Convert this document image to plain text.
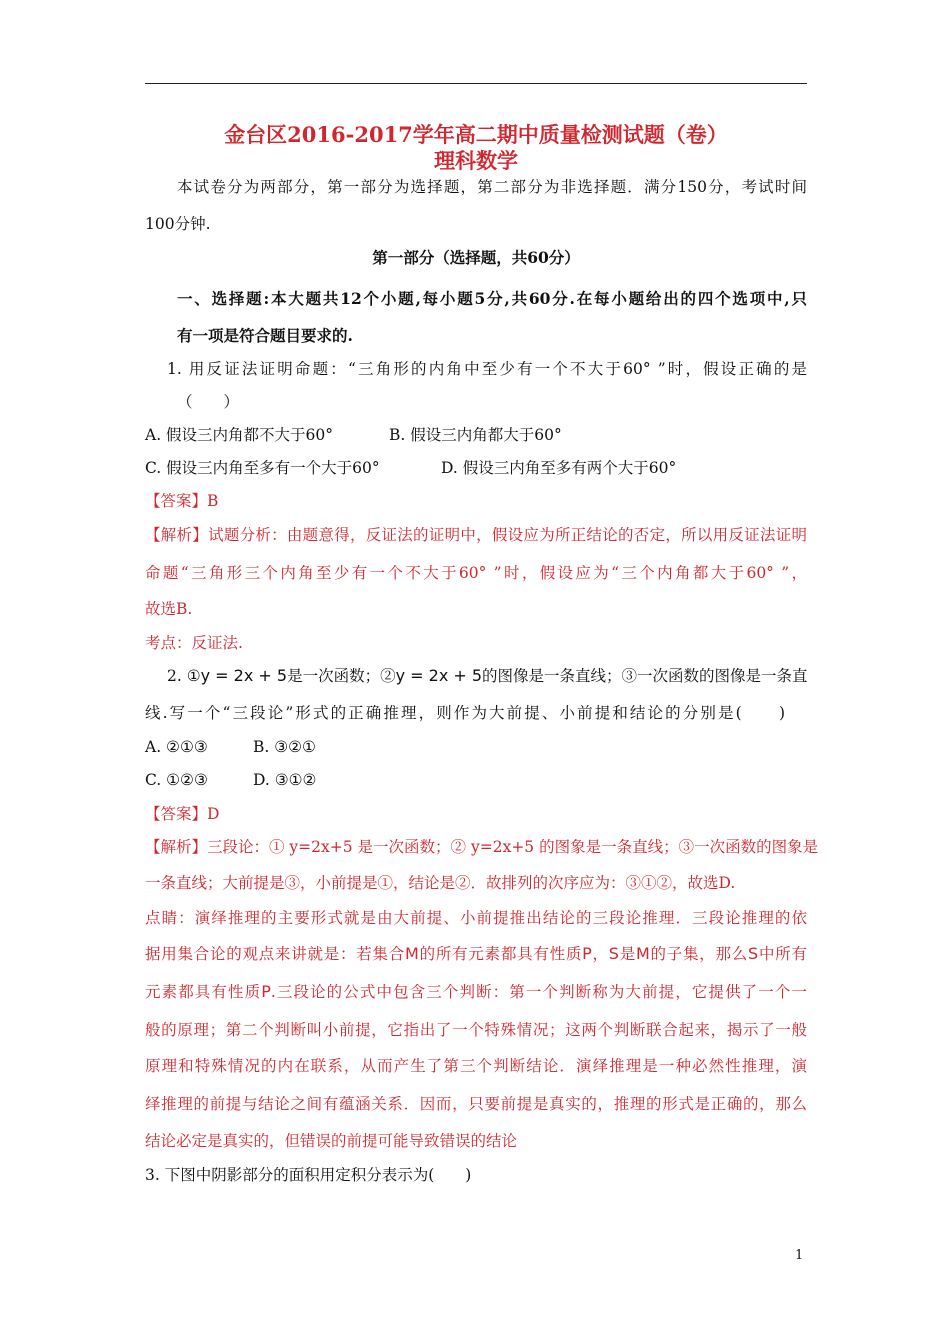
金台区2016-2017学年高二期中质量检测试题（卷）
理科数学
本试卷分为两部分，第一部分为选择题，第二部分为非选择题．满分150分，考试时间
100分钟.
第一部分（选择题，共60分）
一、选择题:本大题共12个小题,每小题5分,共60分.在每小题给出的四个选项中,只
有一项是符合题目要求的.
1. 用反证法证明命题：“三角形的内角中至少有一个不大于60° ”时，假设正确的是
（　　）
A. 假设三内角都不大于60°	B. 假设三内角都大于60°
C. 假设三内角至多有一个大于60°	D. 假设三内角至多有两个大于60°
【答案】B
【解析】试题分析：由题意得，反证法的证明中，假设应为所正结论的否定，所以用反证法证明
命题“三角形三个内角至少有一个不大于60° ”时，假设应为“三个内角都大于60° ”，
故选B.
考点：反证法.
2. ①y = 2x + 5是一次函数；②y = 2x + 5的图像是一条直线；③一次函数的图像是一条直
线.写一个“三段论”形式的正确推理，则作为大前提、小前提和结论的分别是(　　)
A. ②①③	B. ③②①
C. ①②③	D. ③①②
【答案】D
【解析】三段论：① y=2x+5 是一次函数；② y=2x+5 的图象是一条直线；③一次函数的图象是
一条直线；大前提是③，小前提是①，结论是②．故排列的次序应为：③①②，故选D.
点睛：演绎推理的主要形式就是由大前提、小前提推出结论的三段论推理．三段论推理的依
据用集合论的观点来讲就是：若集合M的所有元素都具有性质P，S是M的子集，那么S中所有
元素都具有性质P.三段论的公式中包含三个判断：第一个判断称为大前提，它提供了一个一
般的原理；第二个判断叫小前提，它指出了一个特殊情况；这两个判断联合起来，揭示了一般
原理和特殊情况的内在联系，从而产生了第三个判断结论．演绎推理是一种必然性推理，演
绎推理的前提与结论之间有蕴涵关系．因而，只要前提是真实的，推理的形式是正确的，那么
结论必定是真实的，但错误的前提可能导致错误的结论
3. 下图中阴影部分的面积用定积分表示为(　　)
1
